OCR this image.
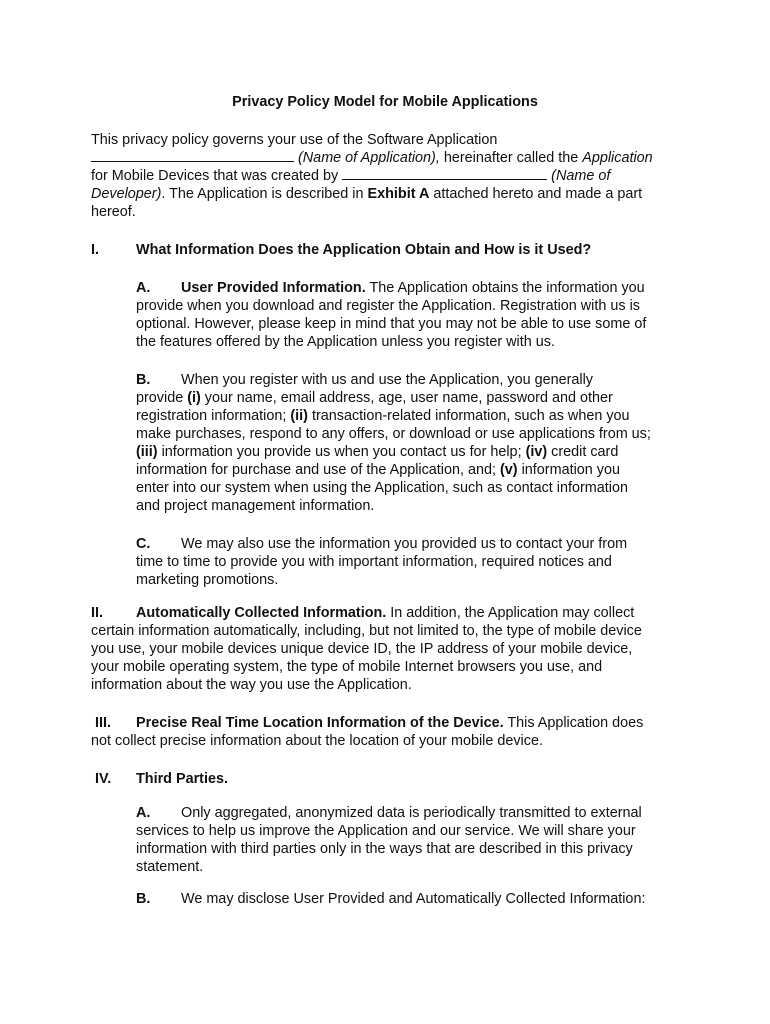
Privacy Policy Model for Mobile Applications
This privacy policy governs your use of the Software Application
(Name of Application), hereinafter called the Application
for Mobile Devices that was created by	(Name of
Developer). The Application is described in Exhibit A attached hereto and made a part
hereof.
I.	What Information Does the Application Obtain and How is it Used?
A. User Provided Information. The Application obtains the information you
provide when you download and register the Application. Registration with us is
optional. However, please keep in mind that you may not be able to use some of
the features offered by the Application unless you register with us.
B. When you register with us and use the Application, you generally
provide (i) your name, email address, age, user name, password and other
registration information; (ii) transaction-related information, such as when you
make purchases, respond to any offers, or download or use applications from us;
(iii) information you provide us when you contact us for help; (iv) credit card
information for purchase and use of the Application, and; (v) information you
enter into our system when using the Application, such as contact information
and project management information.
C. We may also use the information you provided us to contact your from
time to time to provide you with important information, required notices and
marketing promotions.
II. Automatically Collected Information. In addition, the Application may collect
certain information automatically, including, but not limited to, the type of mobile device
you use, your mobile devices unique device ID, the IP address of your mobile device,
your mobile operating system, the type of mobile Internet browsers you use, and
information about the way you use the Application.
III. Precise Real Time Location Information of the Device. This Application does
not collect precise information about the location of your mobile device.
IV. Third Parties.
A. Only aggregated, anonymized data is periodically transmitted to external
services to help us improve the Application and our service. We will share your
information with third parties only in the ways that are described in this privacy
statement.
B. We may disclose User Provided and Automatically Collected Information:
